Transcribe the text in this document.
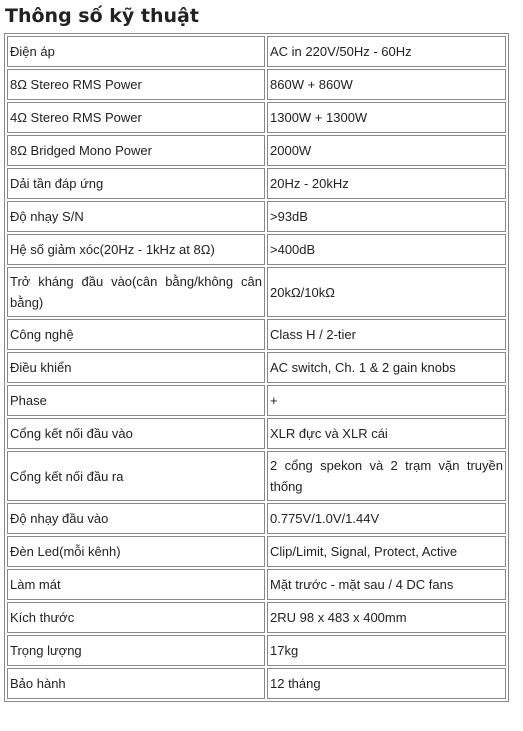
Thông số kỹ thuật
Điện áp	AC in 220V/50Hz - 60Hz
8Ω Stereo RMS Power	860W + 860W
4Ω Stereo RMS Power	1300W + 1300W
8Ω Bridged Mono Power	2000W
Dải tần đáp ứng	20Hz - 20kHz
Độ nhạy S/N	>93dB
Hệ số giảm xóc(20Hz - 1kHz at 8Ω)	>400dB
Trở kháng đầu vào(cân bằng/không cân bằng)	20kΩ/10kΩ
Công nghệ	Class H / 2-tier
Điều khiển	AC switch, Ch. 1 & 2 gain knobs
Phase	+
Cổng kết nối đầu vào	XLR đực và XLR cái
Cổng kết nối đầu ra	2 cổng spekon và 2 trạm vặn truyền thống
Độ nhạy đầu vào	0.775V/1.0V/1.44V
Đèn Led(mỗi kênh)	Clip/Limit, Signal, Protect, Active
Làm mát	Mặt trước - mặt sau / 4 DC fans
Kích thước	2RU 98 x 483 x 400mm
Trọng lượng	17kg
Bảo hành	12 tháng
